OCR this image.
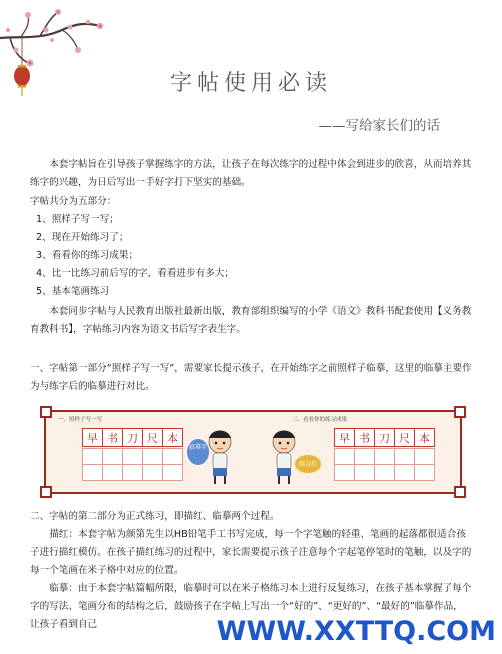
字帖使用必读
——写给家长们的话

本套字帖旨在引导孩子掌握练字的方法，让孩子在每次练字的过程中体会到进步的欣喜，从而培养其练字的兴趣，为日后写出一手好字打下坚实的基础。

字帖共分为五部分：

1、照样子写一写；
2、现在开始练习了；
3、看看你的练习成果；
4、比一比练习前后写的字，看看进步有多大；
5、基本笔画练习

本套同步字帖与人民教育出版社最新出版，教育部组织编写的小学《语文》教科书配套使用【义务教育教科书】，字帖练习内容为语文书后写字表生字。

一、字帖第一部分“照样子写一写”，需要家长提示孩子，在开始练字之前照样子临摹，这里的临摹主要作为与练字后的临摹进行对比。

一、照样子写一写	三、看看你的练习成果
早 书 刀 尺 本
临摹字
练习后
早 书 刀 尺 本

二、字帖的第二部分为正式练习，即描红、临摹两个过程。

描红：本套字帖为颜第先生以HB铅笔手工书写完成，每一个字笔触的轻重、笔画的起落都很适合孩子进行描红模仿。在孩子描红练习的过程中，家长需要提示孩子注意每个字起笔停笔时的笔触，以及字的每一个笔画在米子格中对应的位置。

临摹：由于本套字帖篇幅所限，临摹时可以在米子格练习本上进行反复练习，在孩子基本掌握了每个字的写法、笔画分布的结构之后，鼓励孩子在字帖上写出一个“好的”、“更好的”、“最好的”临摹作品，让孩子看到自己	WWW.XXTTQ.COM
